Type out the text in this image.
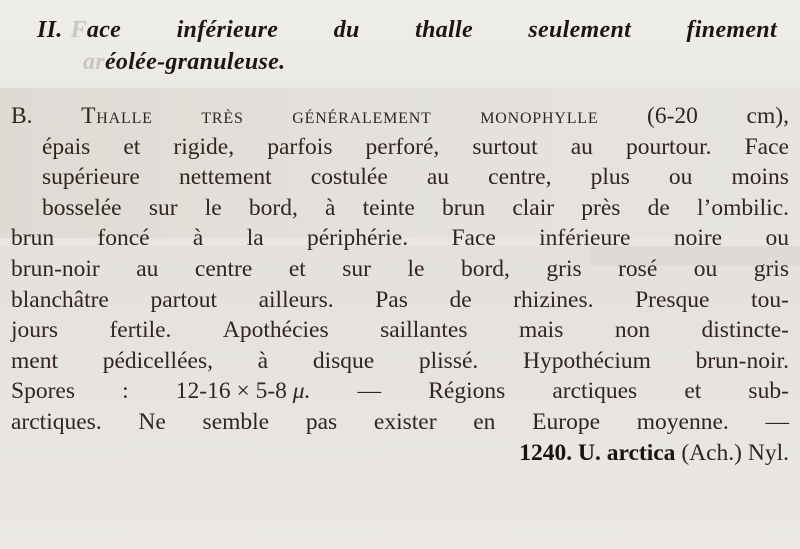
II. Face inférieure du thalle seulement finement
aréolée-granuleuse.
B. Thalle très généralement monophylle (6-20 cm),
épais et rigide, parfois perforé, surtout au pourtour. Face
supérieure nettement costulée au centre, plus ou moins
bosselée sur le bord, à teinte brun clair près de l’ombilic.
brun foncé à la périphérie. Face inférieure noire ou
brun-noir au centre et sur le bord, gris rosé ou gris
blanchâtre partout ailleurs. Pas de rhizines. Presque tou-
jours fertile. Apothécies saillantes mais non distincte-
ment pédicellées, à disque plissé. Hypothécium brun-noir.
Spores : 12-16 × 5-8 μ. — Régions arctiques et sub-
arctiques. Ne semble pas exister en Europe moyenne. —
1240. U. arctica (Ach.) Nyl.
